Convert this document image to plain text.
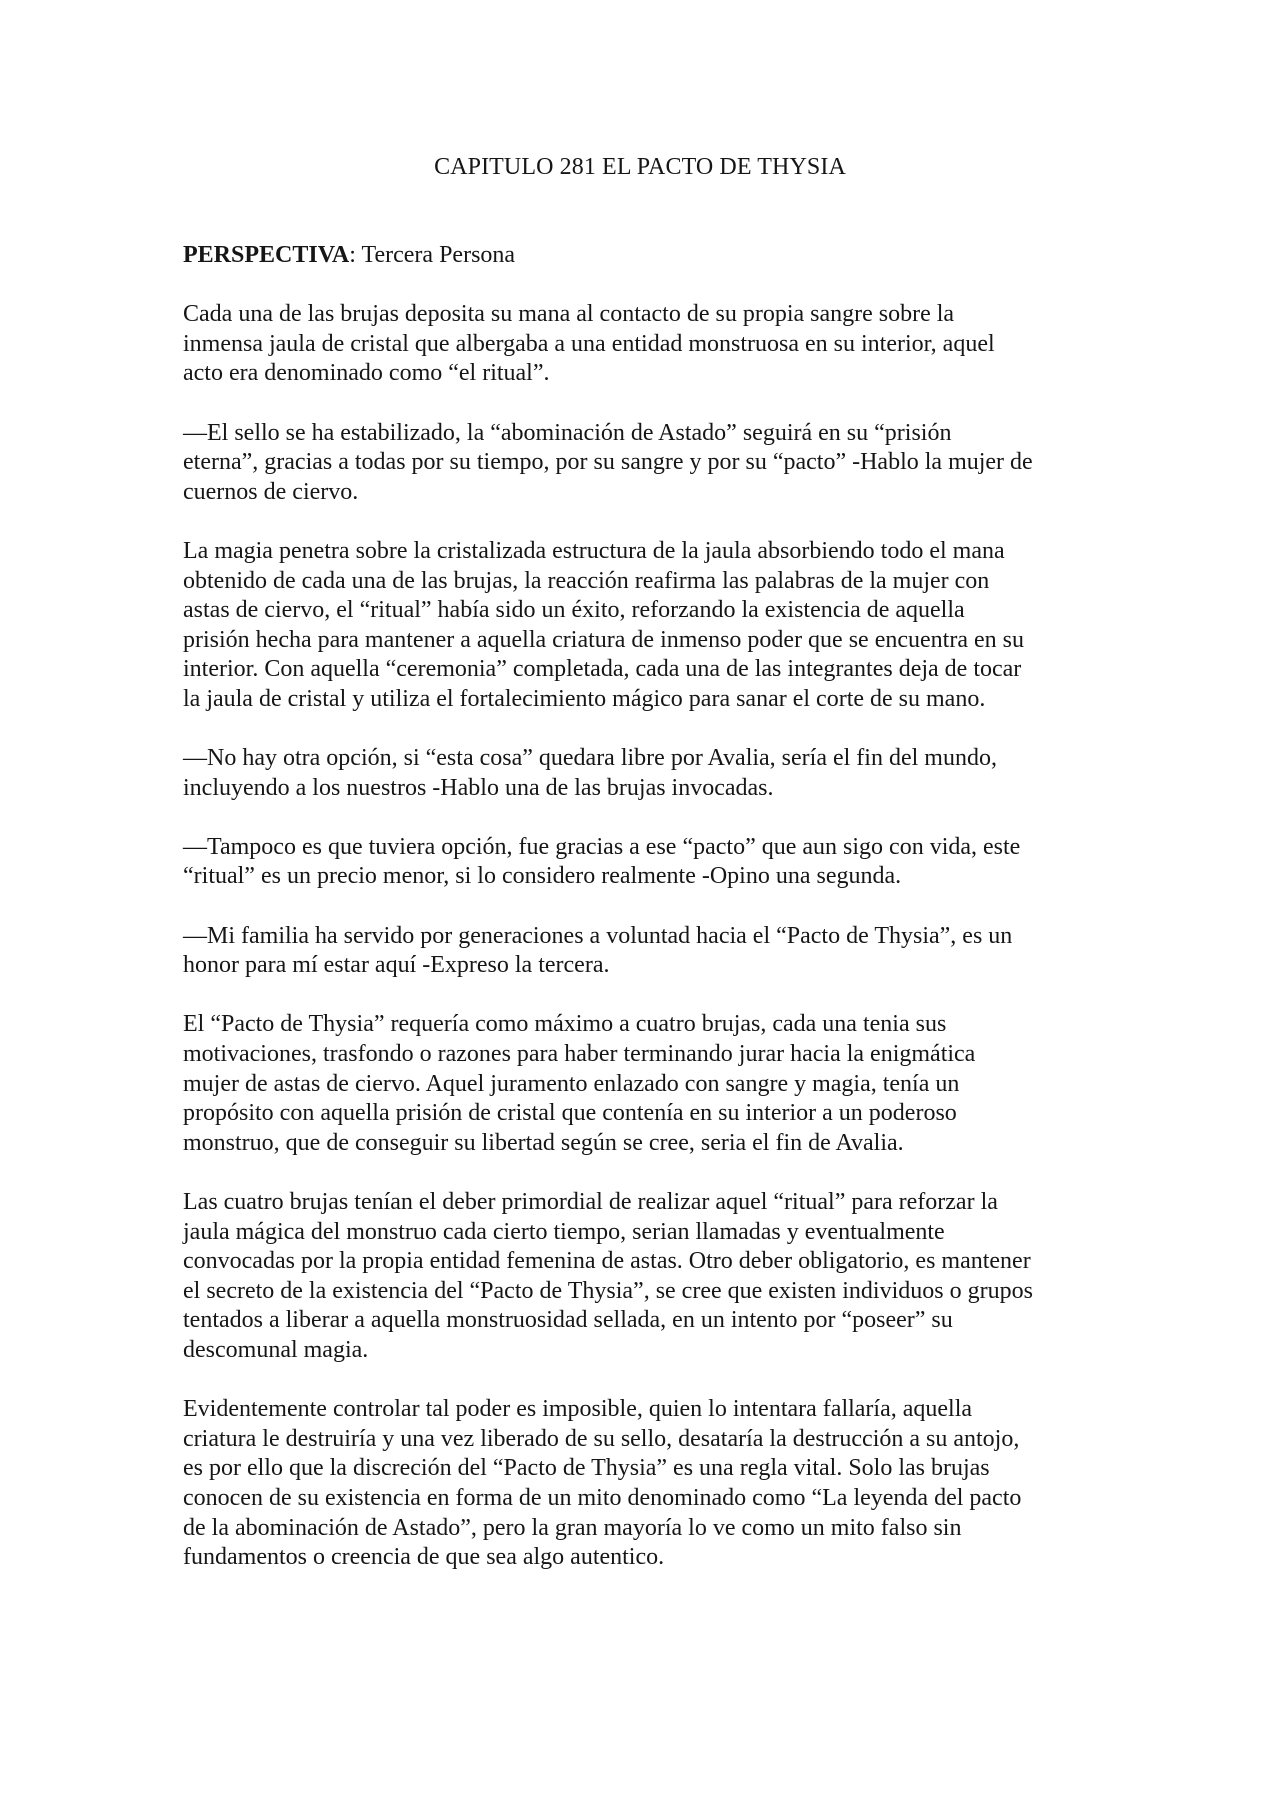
CAPITULO 281 EL PACTO DE THYSIA

PERSPECTIVA: Tercera Persona

Cada una de las brujas deposita su mana al contacto de su propia sangre sobre la
inmensa jaula de cristal que albergaba a una entidad monstruosa en su interior, aquel
acto era denominado como “el ritual”.

—El sello se ha estabilizado, la “abominación de Astado” seguirá en su “prisión
eterna”, gracias a todas por su tiempo, por su sangre y por su “pacto” -Hablo la mujer de
cuernos de ciervo.

La magia penetra sobre la cristalizada estructura de la jaula absorbiendo todo el mana
obtenido de cada una de las brujas, la reacción reafirma las palabras de la mujer con
astas de ciervo, el “ritual” había sido un éxito, reforzando la existencia de aquella
prisión hecha para mantener a aquella criatura de inmenso poder que se encuentra en su
interior. Con aquella “ceremonia” completada, cada una de las integrantes deja de tocar
la jaula de cristal y utiliza el fortalecimiento mágico para sanar el corte de su mano.

—No hay otra opción, si “esta cosa” quedara libre por Avalia, sería el fin del mundo,
incluyendo a los nuestros -Hablo una de las brujas invocadas.

—Tampoco es que tuviera opción, fue gracias a ese “pacto” que aun sigo con vida, este
“ritual” es un precio menor, si lo considero realmente -Opino una segunda.

—Mi familia ha servido por generaciones a voluntad hacia el “Pacto de Thysia”, es un
honor para mí estar aquí -Expreso la tercera.

El “Pacto de Thysia” requería como máximo a cuatro brujas, cada una tenia sus
motivaciones, trasfondo o razones para haber terminando jurar hacia la enigmática
mujer de astas de ciervo. Aquel juramento enlazado con sangre y magia, tenía un
propósito con aquella prisión de cristal que contenía en su interior a un poderoso
monstruo, que de conseguir su libertad según se cree, seria el fin de Avalia.

Las cuatro brujas tenían el deber primordial de realizar aquel “ritual” para reforzar la
jaula mágica del monstruo cada cierto tiempo, serian llamadas y eventualmente
convocadas por la propia entidad femenina de astas. Otro deber obligatorio, es mantener
el secreto de la existencia del “Pacto de Thysia”, se cree que existen individuos o grupos
tentados a liberar a aquella monstruosidad sellada, en un intento por “poseer” su
descomunal magia.

Evidentemente controlar tal poder es imposible, quien lo intentara fallaría, aquella
criatura le destruiría y una vez liberado de su sello, desataría la destrucción a su antojo,
es por ello que la discreción del “Pacto de Thysia” es una regla vital. Solo las brujas
conocen de su existencia en forma de un mito denominado como “La leyenda del pacto
de la abominación de Astado”, pero la gran mayoría lo ve como un mito falso sin
fundamentos o creencia de que sea algo autentico.
